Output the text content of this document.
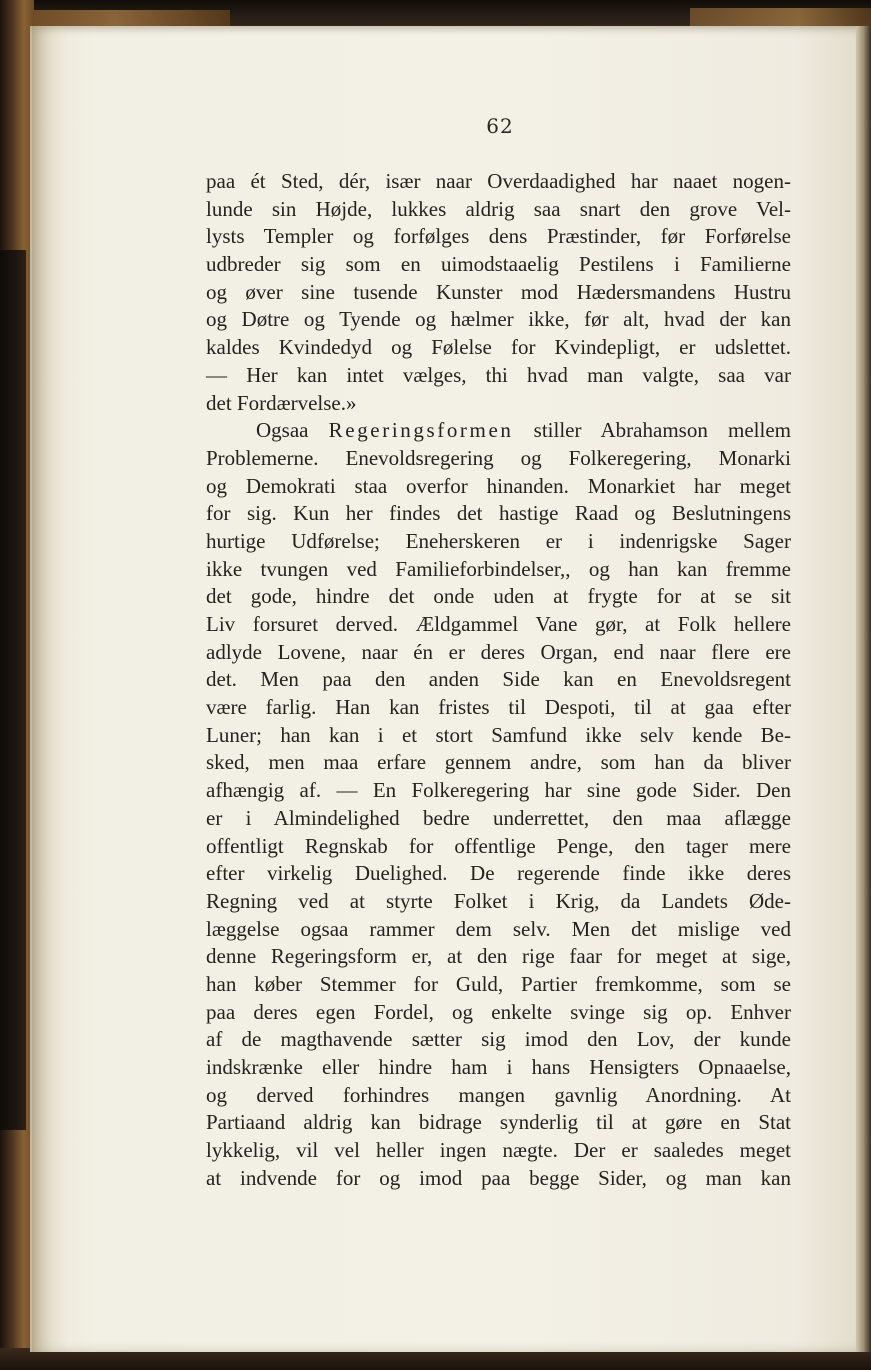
62
paa ét Sted, dér, især naar Overdaadighed har naaet nogen-
lunde sin Højde, lukkes aldrig saa snart den grove Vel-
lysts Templer og forfølges dens Præstinder, før Forførelse
udbreder sig som en uimodstaaelig Pestilens i Familierne
og øver sine tusende Kunster mod Hædersmandens Hustru
og Døtre og Tyende og hælmer ikke, før alt, hvad der kan
kaldes Kvindedyd og Følelse for Kvindepligt, er udslettet.
— Her kan intet vælges, thi hvad man valgte, saa var
det Fordærvelse.»
Ogsaa Regeringsformen stiller Abrahamson mellem
Problemerne. Enevoldsregering og Folkeregering, Monarki
og Demokrati staa overfor hinanden. Monarkiet har meget
for sig. Kun her findes det hastige Raad og Beslutningens
hurtige Udførelse; Eneherskeren er i indenrigske Sager
ikke tvungen ved Familieforbindelser,, og han kan fremme
det gode, hindre det onde uden at frygte for at se sit
Liv forsuret derved. Ældgammel Vane gør, at Folk hellere
adlyde Lovene, naar én er deres Organ, end naar flere ere
det. Men paa den anden Side kan en Enevoldsregent
være farlig. Han kan fristes til Despoti, til at gaa efter
Luner; han kan i et stort Samfund ikke selv kende Be-
sked, men maa erfare gennem andre, som han da bliver
afhængig af. — En Folkeregering har sine gode Sider. Den
er i Almindelighed bedre underrettet, den maa aflægge
offentligt Regnskab for offentlige Penge, den tager mere
efter virkelig Duelighed. De regerende finde ikke deres
Regning ved at styrte Folket i Krig, da Landets Øde-
læggelse ogsaa rammer dem selv. Men det mislige ved
denne Regeringsform er, at den rige faar for meget at sige,
han køber Stemmer for Guld, Partier fremkomme, som se
paa deres egen Fordel, og enkelte svinge sig op. Enhver
af de magthavende sætter sig imod den Lov, der kunde
indskrænke eller hindre ham i hans Hensigters Opnaaelse,
og derved forhindres mangen gavnlig Anordning. At
Partiaand aldrig kan bidrage synderlig til at gøre en Stat
lykkelig, vil vel heller ingen nægte. Der er saaledes meget
at indvende for og imod paa begge Sider, og man kan
